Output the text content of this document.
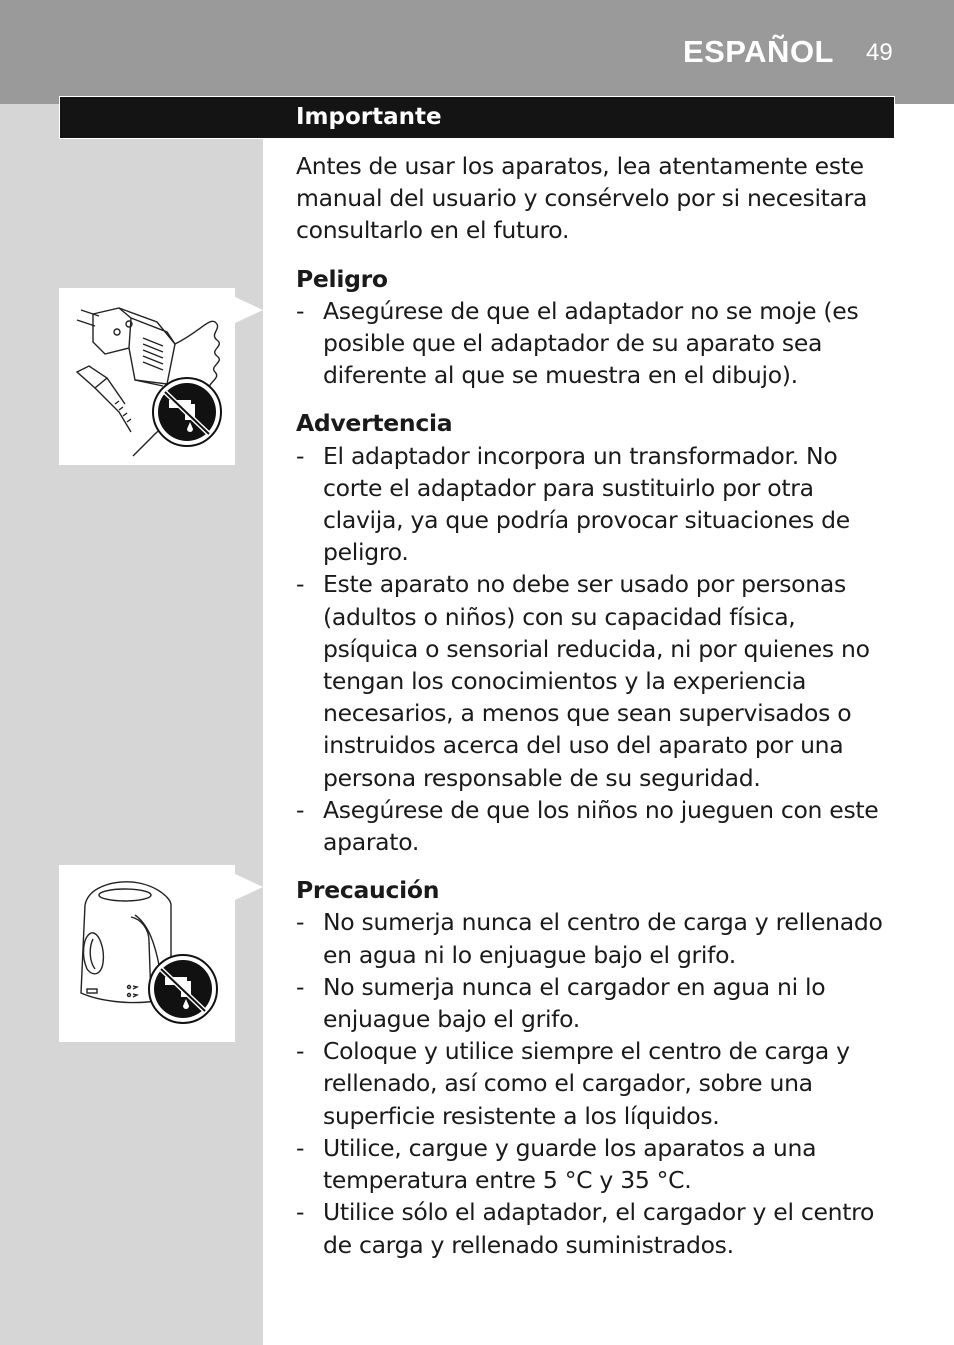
ESPAÑOL 49
Importante

Antes de usar los aparatos, lea atentamente este manual del usuario y consérvelo por si necesitara consultarlo en el futuro.

Peligro
- Asegúrese de que el adaptador no se moje (es posible que el adaptador de su aparato sea diferente al que se muestra en el dibujo).
Advertencia
- El adaptador incorpora un transformador. No corte el adaptador para sustituirlo por otra clavija, ya que podría provocar situaciones de peligro.
- Este aparato no debe ser usado por personas (adultos o niños) con su capacidad física, psíquica o sensorial reducida, ni por quienes no tengan los conocimientos y la experiencia necesarios, a menos que sean supervisados o instruidos acerca del uso del aparato por una persona responsable de su seguridad.
- Asegúrese de que los niños no jueguen con este aparato.
Precaución
- No sumerja nunca el centro de carga y rellenado en agua ni lo enjuague bajo el grifo.
- No sumerja nunca el cargador en agua ni lo enjuague bajo el grifo.
- Coloque y utilice siempre el centro de carga y rellenado, así como el cargador, sobre una superficie resistente a los líquidos.
- Utilice, cargue y guarde los aparatos a una temperatura entre 5 °C y 35 °C.
- Utilice sólo el adaptador, el cargador y el centro de carga y rellenado suministrados.
